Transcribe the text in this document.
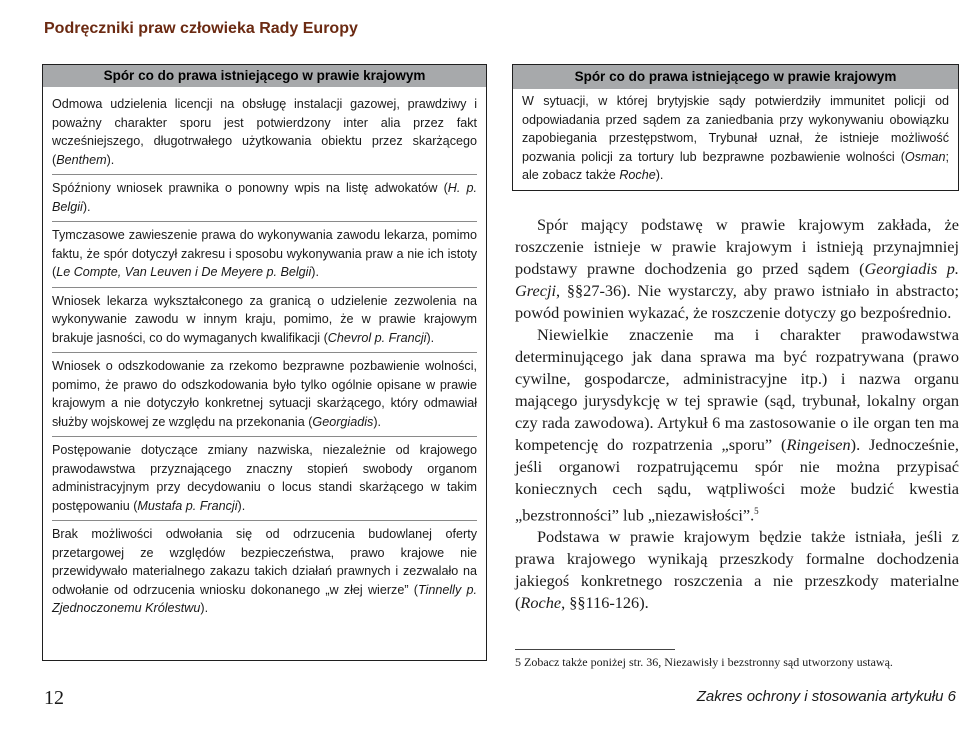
Podręczniki praw człowieka Rady Europy
Spór co do prawa istniejącego w prawie krajowym

Odmowa udzielenia licencji na obsługę instalacji gazowej, prawdziwy i poważny charakter sporu jest potwierdzony inter alia przez fakt wcześniejszego, długotrwałego użytkowania obiektu przez skarżącego (Benthem).

Spóźniony wniosek prawnika o ponowny wpis na listę adwokatów (H. p. Belgii).

Tymczasowe zawieszenie prawa do wykonywania zawodu lekarza, pomimo faktu, że spór dotyczył zakresu i sposobu wykonywania praw a nie ich istoty (Le Compte, Van Leuven i De Meyere p. Belgii).

Wniosek lekarza wykształconego za granicą o udzielenie zezwolenia na wykonywanie zawodu w innym kraju, pomimo, że w prawie krajowym brakuje jasności, co do wymaganych kwalifikacji (Chevrol p. Francji).

Wniosek o odszkodowanie za rzekomo bezprawne pozbawienie wolności, pomimo, że prawo do odszkodowania było tylko ogólnie opisane w prawie krajowym a nie dotyczyło konkretnej sytuacji skarżącego, który odmawiał służby wojskowej ze względu na przekonania (Georgiadis).

Postępowanie dotyczące zmiany nazwiska, niezależnie od krajowego prawodawstwa przyznającego znaczny stopień swobody organom administracyjnym przy decydowaniu o locus standi skarżącego w takim postępowaniu (Mustafa p. Francji).

Brak możliwości odwołania się od odrzucenia budowlanej oferty przetargowej ze względów bezpieczeństwa, prawo krajowe nie przewidywało materialnego zakazu takich działań prawnych i zezwalało na odwołanie od odrzucenia wniosku dokonanego „w złej wierze” (Tinnelly p. Zjednoczonemu Królestwu).

Spór co do prawa istniejącego w prawie krajowym
W sytuacji, w której brytyjskie sądy potwierdziły immunitet policji od odpowiadania przed sądem za zaniedbania przy wykonywaniu obowiązku zapobiegania przestępstwom, Trybunał uznał, że istnieje możliwość pozwania policji za tortury lub bezprawne pozbawienie wolności (Osman; ale zobacz także Roche).

Spór mający podstawę w prawie krajowym zakłada, że roszczenie istnieje w prawie krajowym i istnieją przynajmniej podstawy prawne dochodzenia go przed sądem (Georgiadis p. Grecji, §§27-36). Nie wystarczy, aby prawo istniało in abstracto; powód powinien wykazać, że roszczenie dotyczy go bezpośrednio.

Niewielkie znaczenie ma i charakter prawodawstwa determinującego jak dana sprawa ma być rozpatrywana (prawo cywilne, gospodarcze, administracyjne itp.) i nazwa organu mającego jurysdykcję w tej sprawie (sąd, trybunał, lokalny organ czy rada zawodowa). Artykuł 6 ma zastosowanie o ile organ ten ma kompetencję do rozpatrzenia „sporu” (Ringeisen). Jednocześnie, jeśli organowi rozpatrującemu spór nie można przypisać koniecznych cech sądu, wątpliwości może budzić kwestia „bezstronności” lub „niezawisłości”.$^5$

Podstawa w prawie krajowym będzie także istniała, jeśli z prawa krajowego wynikają przeszkody formalne dochodzenia jakiegoś konkretnego roszczenia a nie przeszkody materialne (Roche, §§116-126).

5 Zobacz także poniżej str. 36, Niezawisły i bezstronny sąd utworzony ustawą.
12	Zakres ochrony i stosowania artykułu 6
